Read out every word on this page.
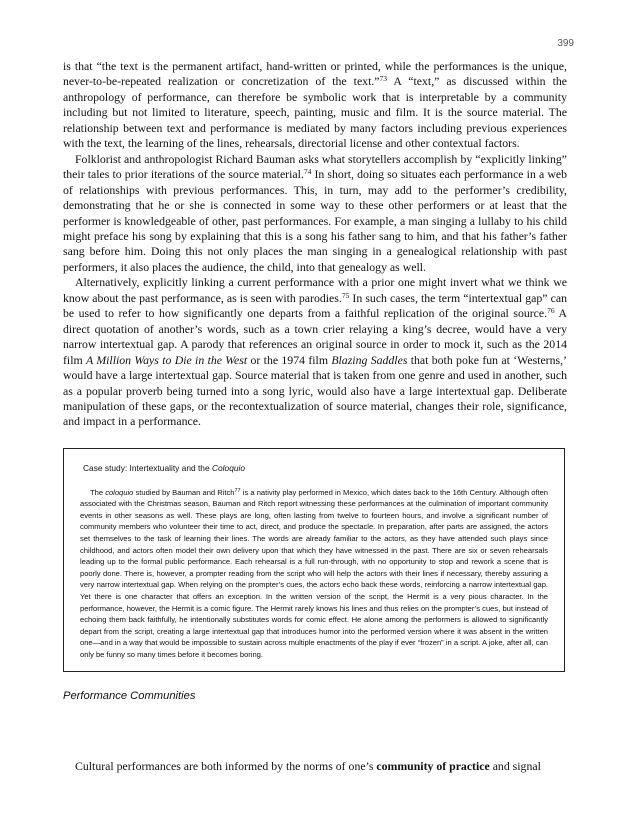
399

is that “the text is the permanent artifact, hand-written or printed, while the performances is the unique, never-to-be-repeated realization or concretization of the text.”$^{73}$ A “text,” as discussed within the anthropology of performance, can therefore be symbolic work that is interpretable by a community including but not limited to literature, speech, painting, music and film. It is the source material. The relationship between text and performance is mediated by many factors including previous experiences with the text, the learning of the lines, rehearsals, directorial license and other contextual factors.

Folklorist and anthropologist Richard Bauman asks what storytellers accomplish by “explicitly linking” their tales to prior iterations of the source material.$^{74}$ In short, doing so situates each performance in a web of relationships with previous performances. This, in turn, may add to the performer’s credibility, demonstrating that he or she is connected in some way to these other performers or at least that the performer is knowledgeable of other, past performances. For example, a man singing a lullaby to his child might preface his song by explaining that this is a song his father sang to him, and that his father’s father sang before him. Doing this not only places the man singing in a genealogical relationship with past performers, it also places the audience, the child, into that genealogy as well.

Alternatively, explicitly linking a current performance with a prior one might invert what we think we know about the past performance, as is seen with parodies.$^{75}$ In such cases, the term “intertextual gap” can be used to refer to how significantly one departs from a faithful replication of the original source.$^{76}$ A direct quotation of another’s words, such as a town crier relaying a king’s decree, would have a very narrow intertextual gap. A parody that references an original source in order to mock it, such as the 2014 film A Million Ways to Die in the West or the 1974 film Blazing Saddles that both poke fun at ‘Westerns,’ would have a large intertextual gap. Source material that is taken from one genre and used in another, such as a popular proverb being turned into a song lyric, would also have a large intertextual gap. Deliberate manipulation of these gaps, or the recontextualization of source material, changes their role, significance, and impact in a performance.

Case study: Intertextuality and the Coloquio

The coloquio studied by Bauman and Ritch$^{77}$ is a nativity play performed in Mexico, which dates back to the 16th Century. Although often associated with the Christmas season, Bauman and Ritch report witnessing these performances at the culmination of important community events in other seasons as well. These plays are long, often lasting from twelve to fourteen hours, and involve a significant number of community members who volunteer their time to act, direct, and produce the spectacle. In preparation, after parts are assigned, the actors set themselves to the task of learning their lines. The words are already familiar to the actors, as they have attended such plays since childhood, and actors often model their own delivery upon that which they have witnessed in the past. There are six or seven rehearsals leading up to the formal public performance. Each rehearsal is a full run-through, with no opportunity to stop and rework a scene that is poorly done. There is, however, a prompter reading from the script who will help the actors with their lines if necessary, thereby assuring a very narrow intertextual gap. When relying on the prompter’s cues, the actors echo back these words, reinforcing a narrow intertextual gap. Yet there is one character that offers an exception. In the written version of the script, the Hermit is a very pious character. In the performance, however, the Hermit is a comic figure. The Hermit rarely knows his lines and thus relies on the prompter’s cues, but instead of echoing them back faithfully, he intentionally substitutes words for comic effect. He alone among the performers is allowed to significantly depart from the script, creating a large intertextual gap that introduces humor into the performed version where it was absent in the written one—and in a way that would be impossible to sustain across multiple enactments of the play if ever “frozen” in a script. A joke, after all, can only be funny so many times before it becomes boring.

Performance Communities

Cultural performances are both informed by the norms of one’s community of practice and signal
